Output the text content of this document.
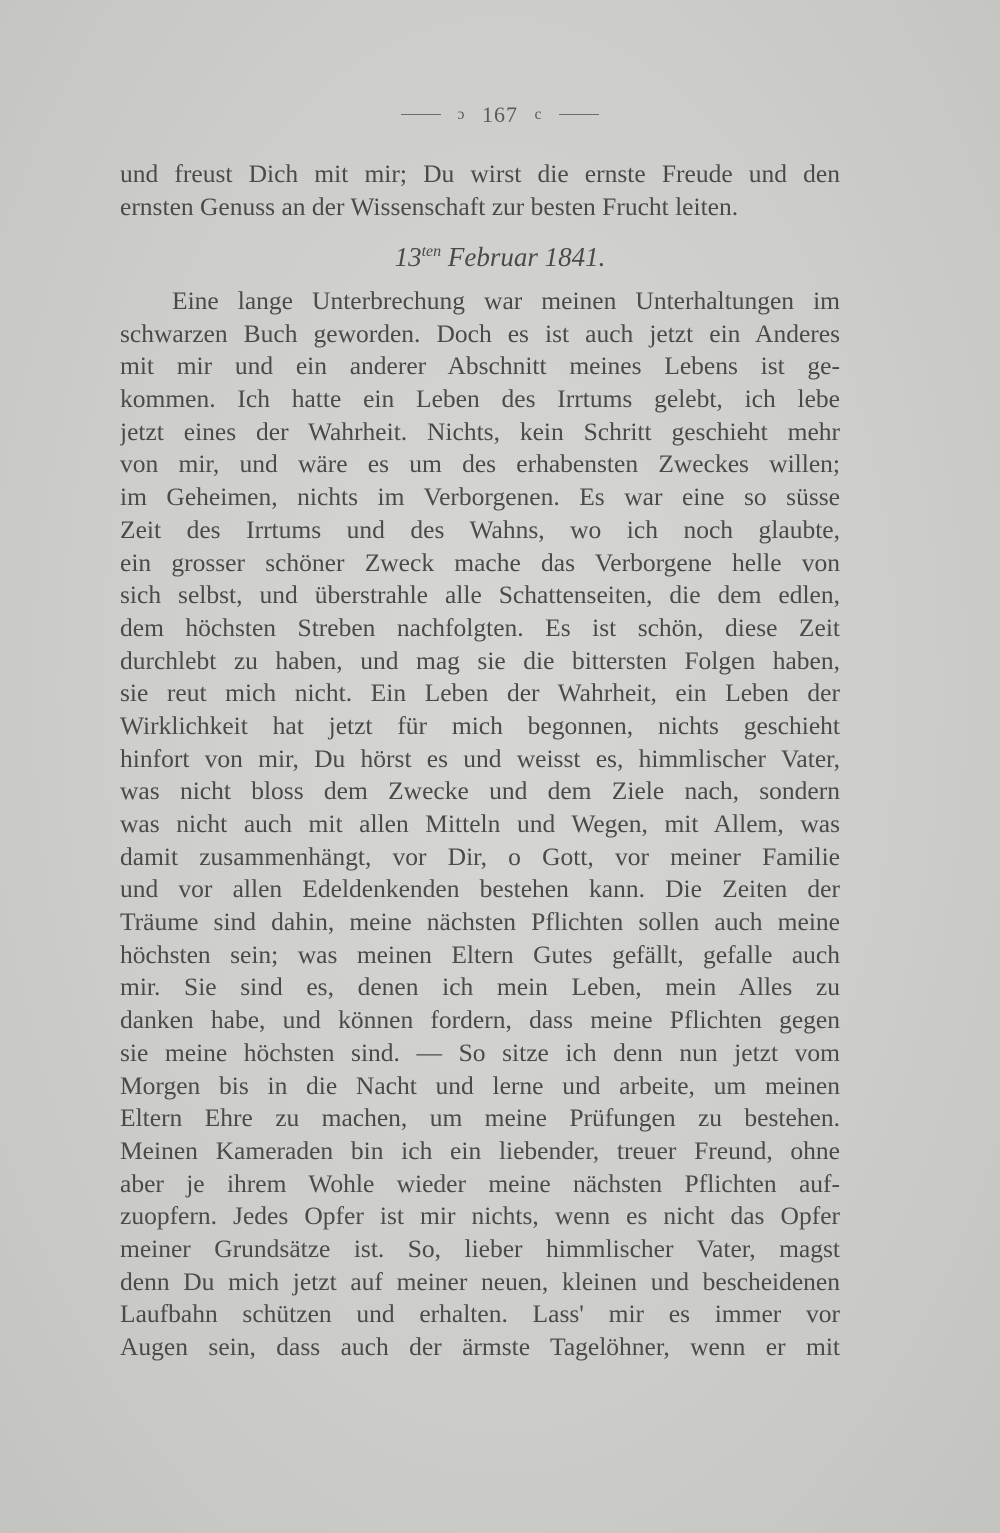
ɔ 167 c
und freust Dich mit mir; Du wirst die ernste Freude und den
ernsten Genuss an der Wissenschaft zur besten Frucht leiten.
$13^{ten}$ Februar 1841.
Eine lange Unterbrechung war meinen Unterhaltungen im
schwarzen Buch geworden. Doch es ist auch jetzt ein Anderes
mit mir und ein anderer Abschnitt meines Lebens ist ge-
kommen. Ich hatte ein Leben des Irrtums gelebt, ich lebe
jetzt eines der Wahrheit. Nichts, kein Schritt geschieht mehr
von mir, und wäre es um des erhabensten Zweckes willen;
im Geheimen, nichts im Verborgenen. Es war eine so süsse
Zeit des Irrtums und des Wahns, wo ich noch glaubte,
ein grosser schöner Zweck mache das Verborgene helle von
sich selbst, und überstrahle alle Schattenseiten, die dem edlen,
dem höchsten Streben nachfolgten. Es ist schön, diese Zeit
durchlebt zu haben, und mag sie die bittersten Folgen haben,
sie reut mich nicht. Ein Leben der Wahrheit, ein Leben der
Wirklichkeit hat jetzt für mich begonnen, nichts geschieht
hinfort von mir, Du hörst es und weisst es, himmlischer Vater,
was nicht bloss dem Zwecke und dem Ziele nach, sondern
was nicht auch mit allen Mitteln und Wegen, mit Allem, was
damit zusammenhängt, vor Dir, o Gott, vor meiner Familie
und vor allen Edeldenkenden bestehen kann. Die Zeiten der
Träume sind dahin, meine nächsten Pflichten sollen auch meine
höchsten sein; was meinen Eltern Gutes gefällt, gefalle auch
mir. Sie sind es, denen ich mein Leben, mein Alles zu
danken habe, und können fordern, dass meine Pflichten gegen
sie meine höchsten sind. — So sitze ich denn nun jetzt vom
Morgen bis in die Nacht und lerne und arbeite, um meinen
Eltern Ehre zu machen, um meine Prüfungen zu bestehen.
Meinen Kameraden bin ich ein liebender, treuer Freund, ohne
aber je ihrem Wohle wieder meine nächsten Pflichten auf-
zuopfern. Jedes Opfer ist mir nichts, wenn es nicht das Opfer
meiner Grundsätze ist. So, lieber himmlischer Vater, magst
denn Du mich jetzt auf meiner neuen, kleinen und bescheidenen
Laufbahn schützen und erhalten. Lass' mir es immer vor
Augen sein, dass auch der ärmste Tagelöhner, wenn er mit
